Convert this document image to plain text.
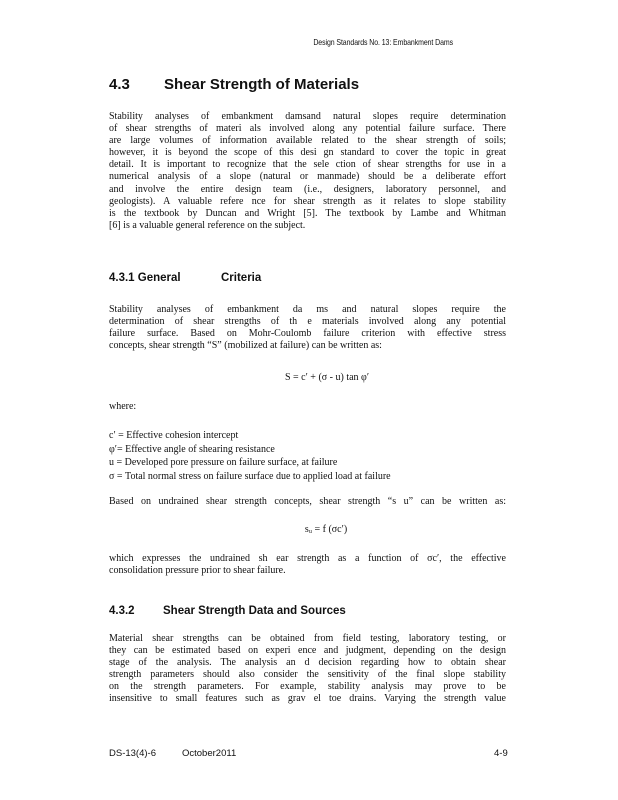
Design Standards No. 13: Embankment Dams
4.3 Shear Strength of Materials
Stability analyses of embankment damsand natural slopes require determination
of shear strengths of materi als involved along any potential failure surface. There
are large volumes of information available related to the shear strength of soils;
however, it is beyond the scope of this desi gn standard to cover the topic in great
detail. It is important to recognize that the sele ction of shear strengths for use in a
numerical analysis of a slope (natural or manmade) should be a deliberate effort
and involve the entire design team (i.e., designers, laboratory personnel, and
geologists). A valuable refere nce for shear strength as it relates to slope stability
is the textbook by Duncan and Wright [5]. The textbook by Lambe and Whitman
[6] is a valuable general reference on the subject.
4.3.1 General	Criteria
Stability analyses of embankment da ms and natural slopes require the
determination of shear strengths of th e materials involved along any potential
failure surface. Based on Mohr-Coulomb failure criterion with effective stress
concepts, shear strength “S” (mobilized at failure) can be written as:
S = c′ + (σ - u) tan φ′
where:
c′ = Effective cohesion intercept
φ′= Effective angle of shearing resistance
u = Developed pore pressure on failure surface, at failure
σ = Total normal stress on failure surface due to applied load at failure
Based on undrained shear strength concepts, shear strength “s u” can be written as:
sᵤ = f (σc′)
which expresses the undrained sh ear strength as a function of σc′, the effective
consolidation pressure prior to shear failure.
4.3.2 Shear Strength Data and Sources
Material shear strengths can be obtained from field testing, laboratory testing, or
they can be estimated based on experi ence and judgment, depending on the design
stage of the analysis. The analysis an d decision regarding how to obtain shear
strength parameters should also consider the sensitivity of the final slope stability
on the strength parameters. For example, stability analysis may prove to be
insensitive to small features such as grav el toe drains. Varying the strength value
DS-13(4)-6	October2011	4-9
